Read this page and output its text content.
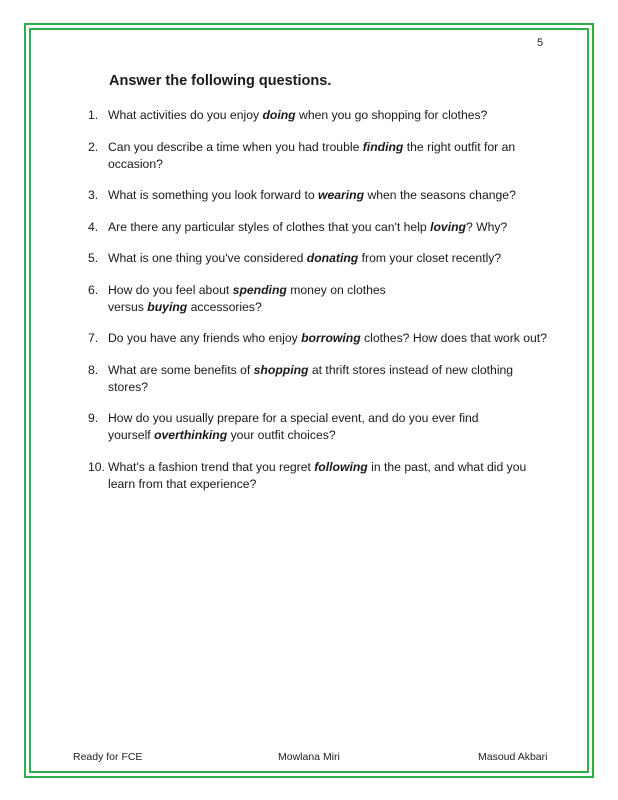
5
Answer the following questions.
1. What activities do you enjoy doing when you go shopping for clothes?
2. Can you describe a time when you had trouble finding the right outfit for an occasion?
3. What is something you look forward to wearing when the seasons change?
4. Are there any particular styles of clothes that you can't help loving? Why?
5. What is one thing you've considered donating from your closet recently?
6. How do you feel about spending money on clothes
versus buying accessories?
7. Do you have any friends who enjoy borrowing clothes? How does that work out?
8. What are some benefits of shopping at thrift stores instead of new clothing stores?
9. How do you usually prepare for a special event, and do you ever find
yourself overthinking your outfit choices?
10. What's a fashion trend that you regret following in the past, and what did you learn from that experience?
Ready for FCE	Mowlana Miri	Masoud Akbari
